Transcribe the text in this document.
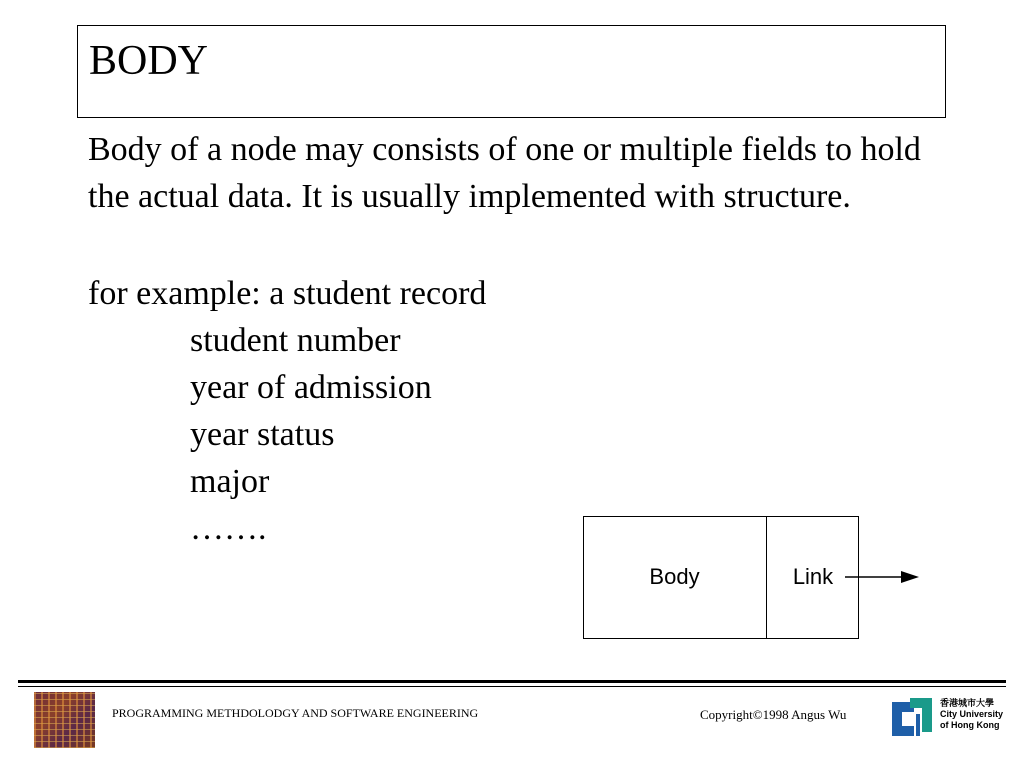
BODY

Body of a node may consists of one or multiple fields to hold the actual data. It is usually implemented with structure.

for example: a student record

student number

year of admission

year status

major

…….

Body	Link
PROGRAMMING METHDOLODGY AND SOFTWARE ENGINEERING	Copyright©1998 Angus Wu
香港城市大學
City University
of Hong Kong
